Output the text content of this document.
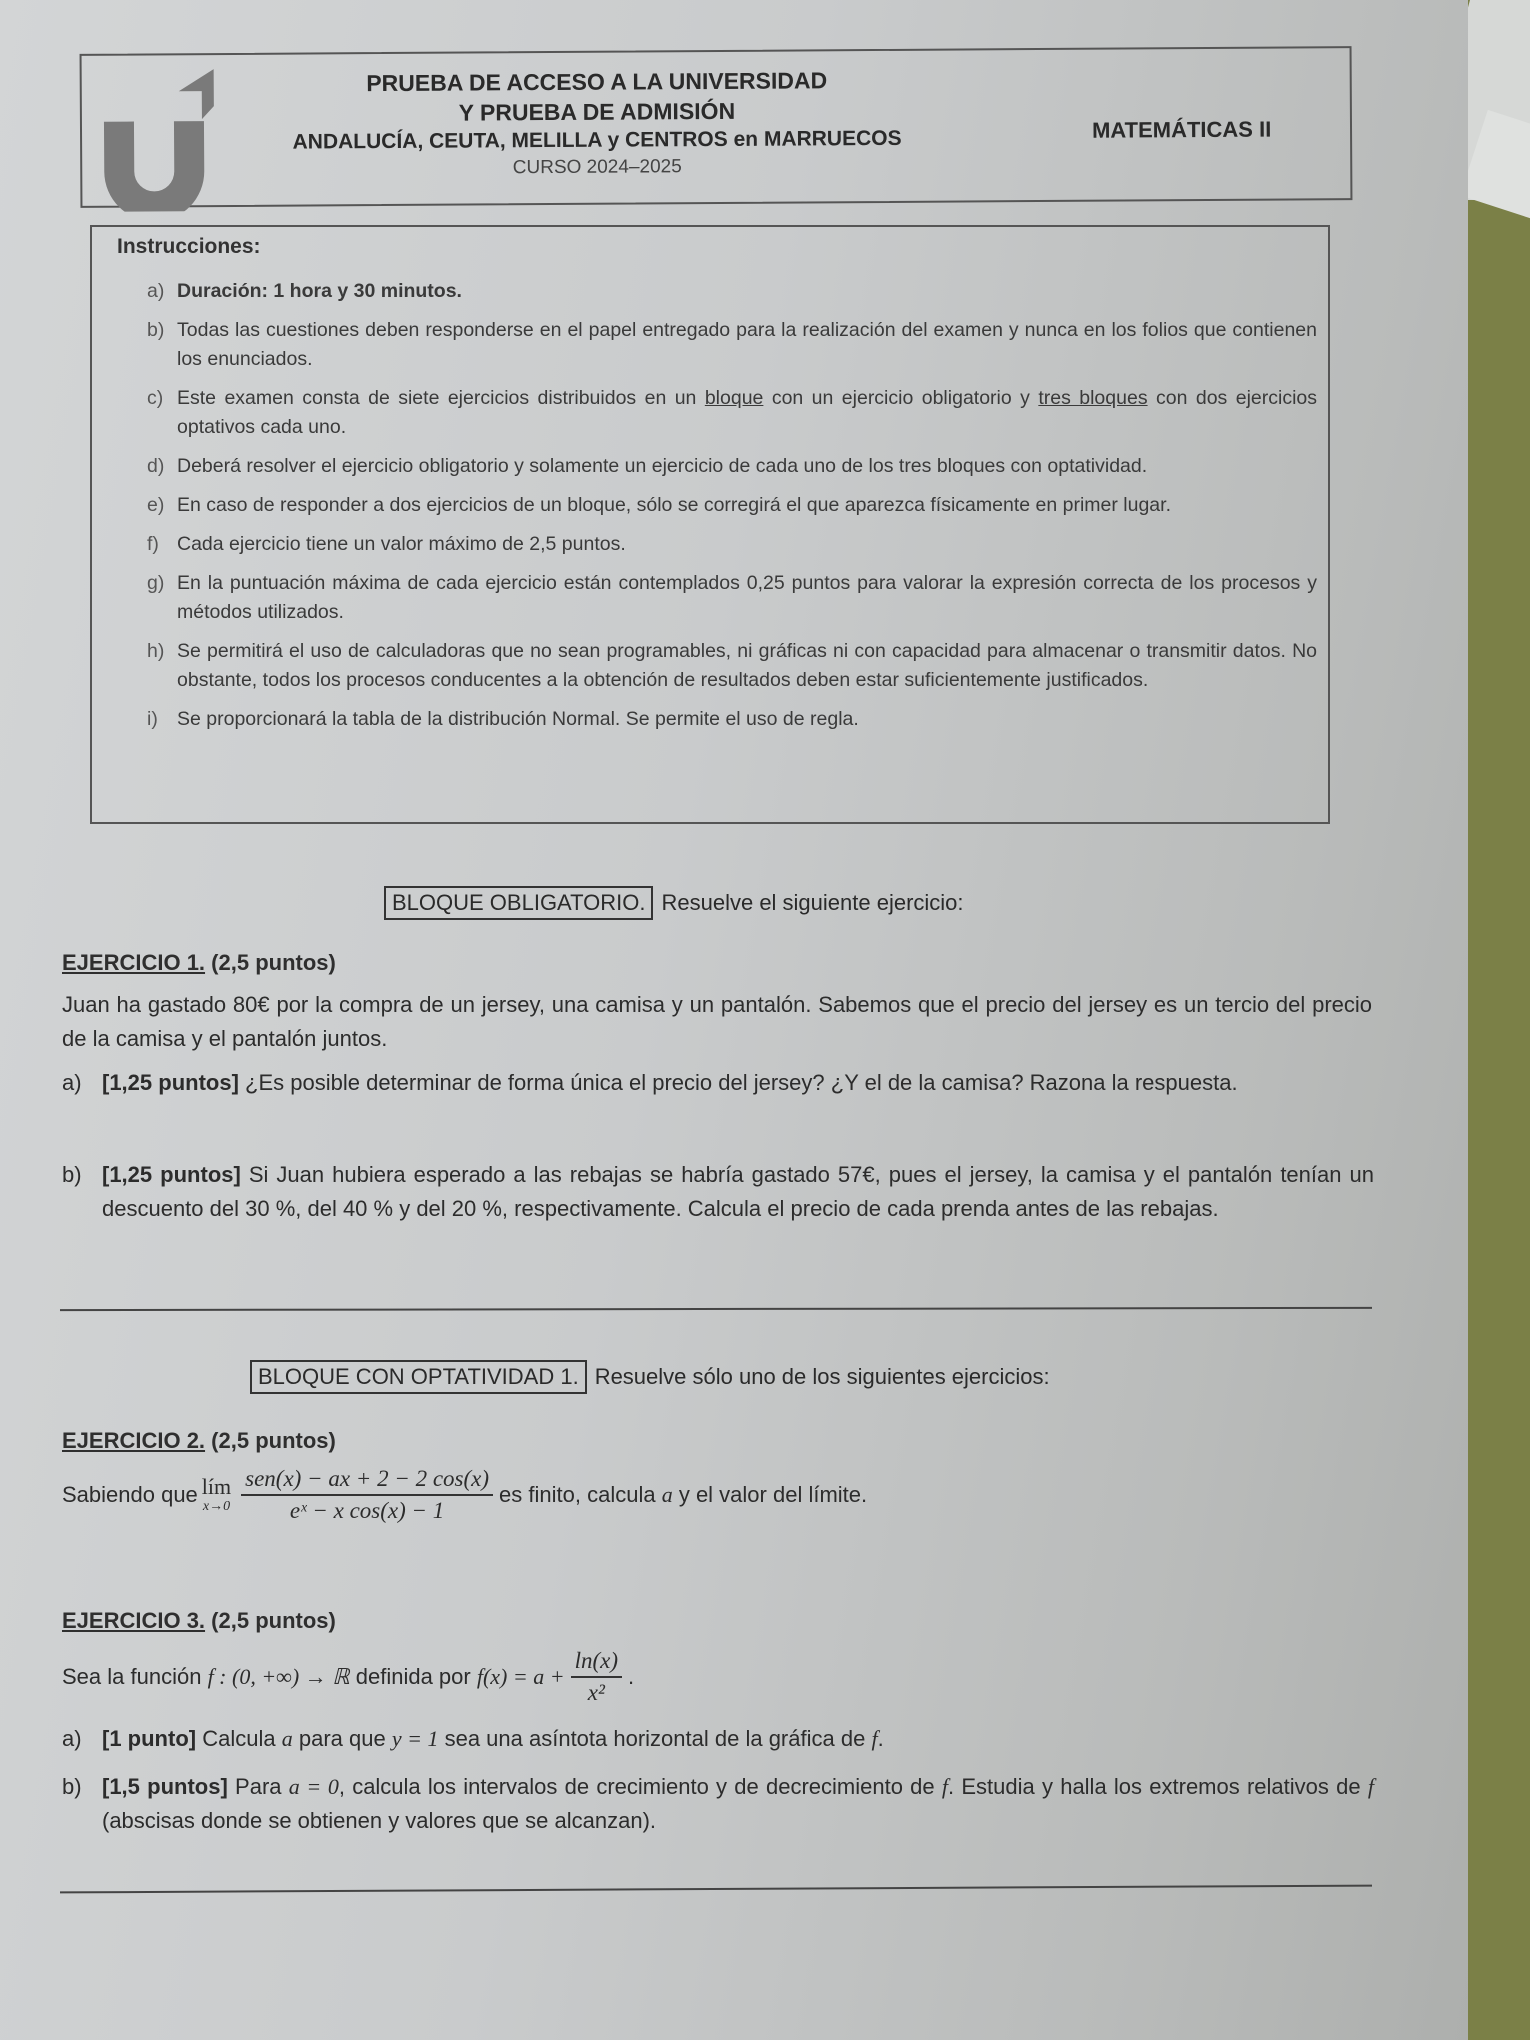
PRUEBA DE ACCESO A LA UNIVERSIDAD
Y PRUEBA DE ADMISIÓN
ANDALUCÍA, CEUTA, MELILLA y CENTROS en MARRUECOS
CURSO 2024–2025
MATEMÁTICAS II
Instrucciones:
a) Duración: 1 hora y 30 minutos.
b) Todas las cuestiones deben responderse en el papel entregado para la realización del examen y nunca en los folios que contienen los enunciados.
c) Este examen consta de siete ejercicios distribuidos en un bloque con un ejercicio obligatorio y tres bloques con dos ejercicios optativos cada uno.
d) Deberá resolver el ejercicio obligatorio y solamente un ejercicio de cada uno de los tres bloques con optatividad.
e) En caso de responder a dos ejercicios de un bloque, sólo se corregirá el que aparezca físicamente en primer lugar.
f) Cada ejercicio tiene un valor máximo de 2,5 puntos.
g) En la puntuación máxima de cada ejercicio están contemplados 0,25 puntos para valorar la expresión correcta de los procesos y métodos utilizados.
h) Se permitirá el uso de calculadoras que no sean programables, ni gráficas ni con capacidad para almacenar o transmitir datos. No obstante, todos los procesos conducentes a la obtención de resultados deben estar suficientemente justificados.
i) Se proporcionará la tabla de la distribución Normal. Se permite el uso de regla.
BLOQUE OBLIGATORIO. Resuelve el siguiente ejercicio:
EJERCICIO 1. (2,5 puntos)
Juan ha gastado 80€ por la compra de un jersey, una camisa y un pantalón. Sabemos que el precio del jersey es un tercio del precio de la camisa y el pantalón juntos.
a) [1,25 puntos] ¿Es posible determinar de forma única el precio del jersey? ¿Y el de la camisa? Razona la respuesta.
b) [1,25 puntos] Si Juan hubiera esperado a las rebajas se habría gastado 57€, pues el jersey, la camisa y el pantalón tenían un descuento del 30 %, del 40 % y del 20 %, respectivamente. Calcula el precio de cada prenda antes de las rebajas.
BLOQUE CON OPTATIVIDAD 1. Resuelve sólo uno de los siguientes ejercicios:
EJERCICIO 2. (2,5 puntos)
Sabiendo que lím
$x\to 0 \frac{\text{sen(x) − ax + 2 − 2 cos(x)}}{\text{eˣ − x cos(x) − 1}}$ es finito, calcula
a
y el valor del límite.
EJERCICIO 3. (2,5 puntos)
Sea la función
f : (0, +∞) → ℝ
definida por
$f(x) = a + \frac{\ln(x)}{\text{x²}}$ .
a) [1 punto] Calcula a para que y = 1 sea una asíntota horizontal de la gráfica de f.
b) [1,5 puntos] Para a = 0, calcula los intervalos de crecimiento y de decrecimiento de f. Estudia y halla los extremos relativos de f (abscisas donde se obtienen y valores que se alcanzan).
